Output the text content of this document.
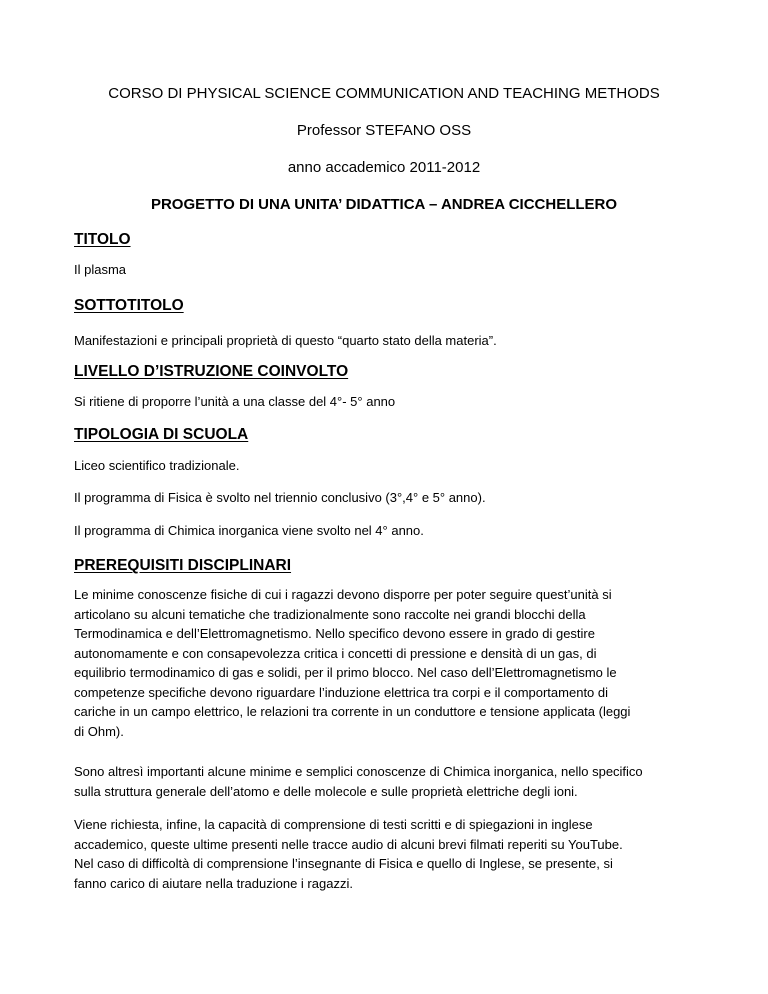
CORSO DI PHYSICAL SCIENCE COMMUNICATION AND TEACHING METHODS
Professor STEFANO OSS
anno accademico 2011-2012
PROGETTO DI UNA UNITA’ DIDATTICA – ANDREA CICCHELLERO
TITOLO
Il plasma
SOTTOTITOLO
Manifestazioni e principali proprietà di questo “quarto stato della materia”.
LIVELLO D’ISTRUZIONE COINVOLTO
Si ritiene di proporre l’unità a una classe del 4°- 5° anno
TIPOLOGIA DI SCUOLA
Liceo scientifico tradizionale.
Il programma di Fisica è svolto nel triennio conclusivo (3°,4° e 5° anno).
Il programma di Chimica inorganica viene svolto nel 4° anno.
PREREQUISITI DISCIPLINARI
Le minime conoscenze fisiche di cui i ragazzi devono disporre per poter seguire quest’unità si
articolano su alcuni tematiche che tradizionalmente sono raccolte nei grandi blocchi della
Termodinamica e dell’Elettromagnetismo. Nello specifico devono essere in grado di gestire
autonomamente e con consapevolezza critica i concetti di pressione e densità di un gas, di
equilibrio termodinamico di gas e solidi, per il primo blocco. Nel caso dell’Elettromagnetismo le
competenze specifiche devono riguardare l’induzione elettrica tra corpi e il comportamento di
cariche in un campo elettrico, le relazioni tra corrente in un conduttore e tensione applicata (leggi
di Ohm).
Sono altresì importanti alcune minime e semplici conoscenze di Chimica inorganica, nello specifico
sulla struttura generale dell’atomo e delle molecole e sulle proprietà elettriche degli ioni.
Viene richiesta, infine, la capacità di comprensione di testi scritti e di spiegazioni in inglese
accademico, queste ultime presenti nelle tracce audio di alcuni brevi filmati reperiti su YouTube.
Nel caso di difficoltà di comprensione l’insegnante di Fisica e quello di Inglese, se presente, si
fanno carico di aiutare nella traduzione i ragazzi.
